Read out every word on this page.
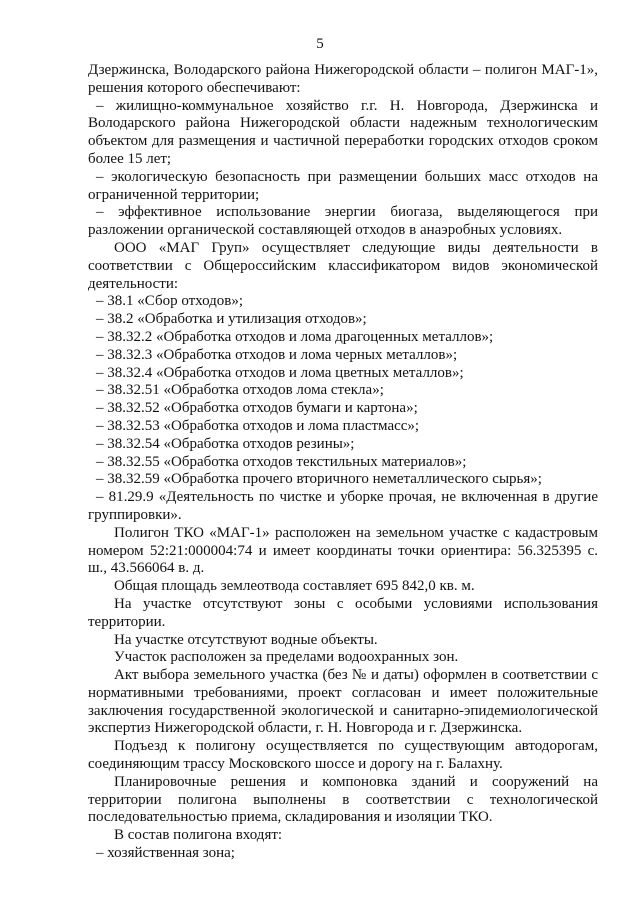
5

Дзержинска, Володарского района Нижегородской области – полигон МАГ-1», решения которого обеспечивают:

– жилищно-коммунальное хозяйство г.г. Н. Новгорода, Дзержинска и Володарского района Нижегородской области надежным технологическим объектом для размещения и частичной переработки городских отходов сроком более 15 лет;

– экологическую безопасность при размещении больших масс отходов на ограниченной территории;

– эффективное использование энергии биогаза, выделяющегося при разложении органической составляющей отходов в анаэробных условиях.

ООО «МАГ Груп» осуществляет следующие виды деятельности в соответствии с Общероссийским классификатором видов экономической деятельности:

– 38.1 «Сбор отходов»;

– 38.2 «Обработка и утилизация отходов»;

– 38.32.2 «Обработка отходов и лома драгоценных металлов»;

– 38.32.3 «Обработка отходов и лома черных металлов»;

– 38.32.4 «Обработка отходов и лома цветных металлов»;

– 38.32.51 «Обработка отходов лома стекла»;

– 38.32.52 «Обработка отходов бумаги и картона»;

– 38.32.53 «Обработка отходов и лома пластмасс»;

– 38.32.54 «Обработка отходов резины»;

– 38.32.55 «Обработка отходов текстильных материалов»;

– 38.32.59 «Обработка прочего вторичного неметаллического сырья»;

– 81.29.9 «Деятельность по чистке и уборке прочая, не включенная в другие группировки».

Полигон ТКО «МАГ-1» расположен на земельном участке с кадастровым номером 52:21:000004:74 и имеет координаты точки ориентира: 56.325395 с. ш., 43.566064 в. д.

Общая площадь землеотвода составляет 695 842,0 кв. м.

На участке отсутствуют зоны с особыми условиями использования территории.

На участке отсутствуют водные объекты.

Участок расположен за пределами водоохранных зон.

Акт выбора земельного участка (без № и даты) оформлен в соответствии с нормативными требованиями, проект согласован и имеет положительные заключения государственной экологической и санитарно-эпидемиологической экспертиз Нижегородской области, г. Н. Новгорода и г. Дзержинска.

Подъезд к полигону осуществляется по существующим автодорогам, соединяющим трассу Московского шоссе и дорогу на г. Балахну.

Планировочные решения и компоновка зданий и сооружений на территории полигона выполнены в соответствии с технологической последовательностью приема, складирования и изоляции ТКО.

В состав полигона входят:

– хозяйственная зона;
